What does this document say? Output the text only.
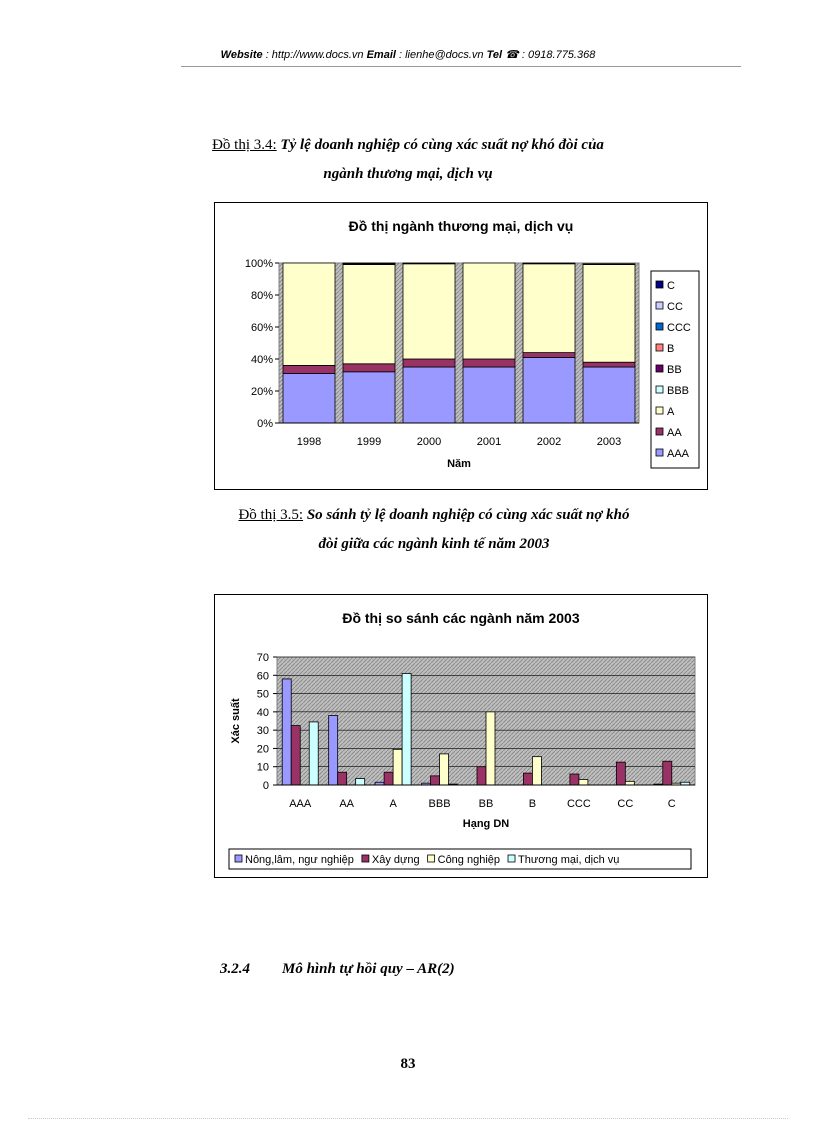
Website : http://www.docs.vn Email : lienhe@docs.vn Tel ☎ : 0918.775.368
Đồ thị 3.4: Tỷ lệ doanh nghiệp có cùng xác suất nợ khó đòi của
ngành thương mại, dịch vụ
Đồ thị ngành thương mại, dịch vụ
0%
20%
40%
60%
80%
100%
1998	1999	2000	2001	2002	2003
Năm
C
CC
CCC
B
BB
BBB
A
AA
AAA
Đồ thị 3.5: So sánh tỷ lệ doanh nghiệp có cùng xác suất nợ khó
đòi giữa các ngành kinh tế năm 2003
Đồ thị so sánh các ngành năm 2003
0
10
20
30
40
50
60
70
Xác suất
AAA	AA	A	BBB	BB	B	CCC CC	C
Hạng DN
Nông,lâm, ngư nghiệp Xây dựng Công nghiệp Thương mại, dịch vụ
3.2.4 Mô hình tự hồi quy – AR(2)
83
